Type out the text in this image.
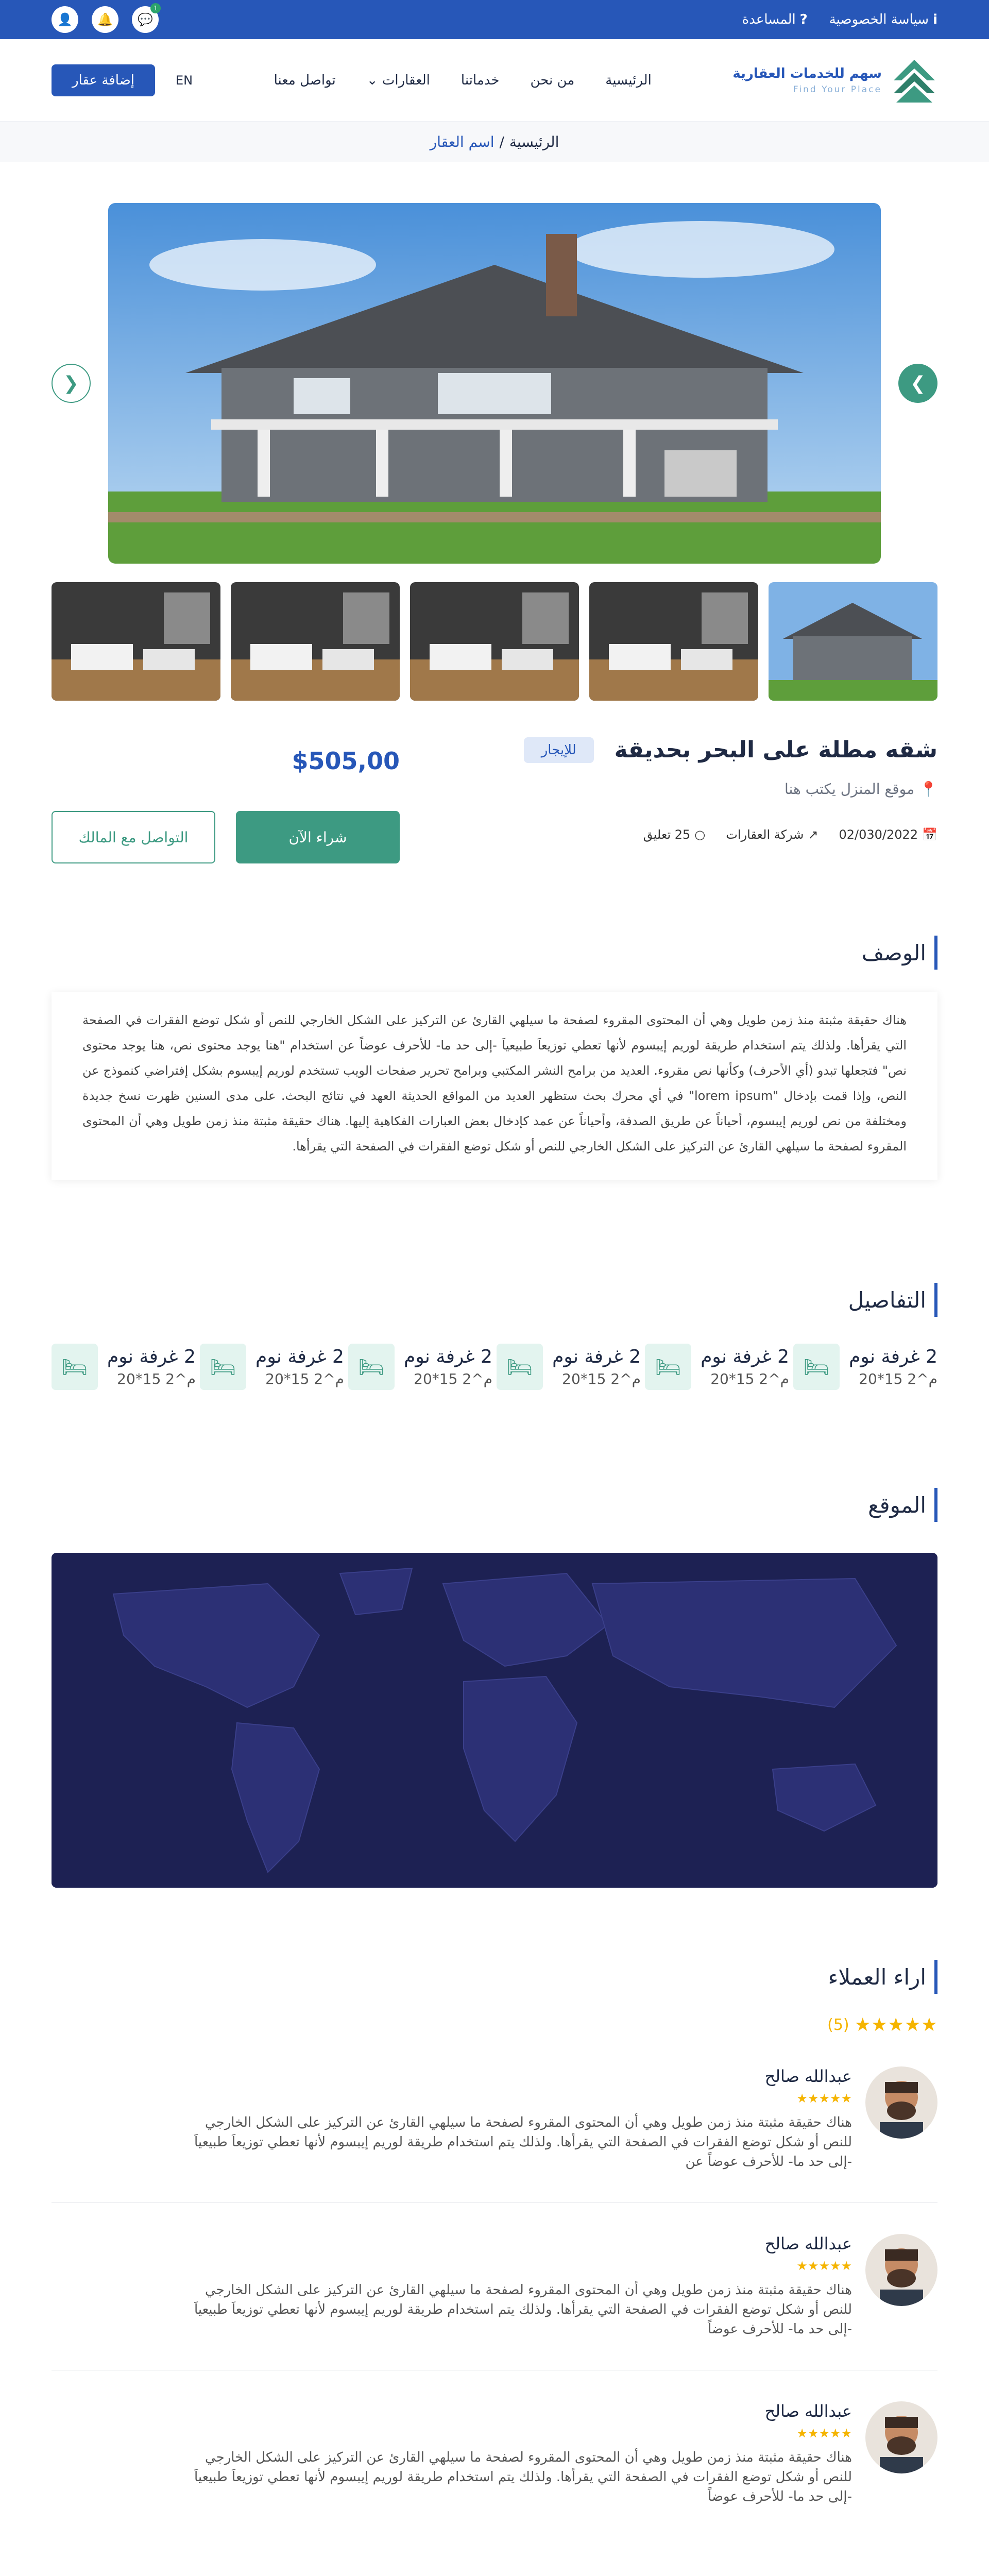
i
سياسة الخصوصية
?
المساعدة
💬
1
🔔
👤
سهم للخدمات العقارية
Find Your Place
الرئيسية
من نحن
خدماتنا
العقارات ⌄
تواصل معنا
EN
إضافة عقار
الرئيسية
/
اسم العقار
❯
❮
شقه مطلة على البحر بحديقة
للإيجار
📍
موقع المنزل يكتب هنا
📅
02/030/2022
↗
شركة العقارات
○
25 تعليق
$505,00
شراء الآن
التواصل مع المالك
الوصف
هناك حقيقة مثبتة منذ زمن طويل وهي أن المحتوى المقروء لصفحة ما سيلهي القارئ عن التركيز على الشكل الخارجي للنص أو شكل توضع الفقرات في الصفحة التي يقرأها. ولذلك يتم استخدام طريقة لوريم إيبسوم لأنها تعطي توزيعاَ طبيعياَ -إلى حد ما- للأحرف عوضاً عن استخدام "هنا يوجد محتوى نص، هنا يوجد محتوى نص" فتجعلها تبدو (أي الأحرف) وكأنها نص مقروء. العديد من برامح النشر المكتبي وبرامح تحرير صفحات الويب تستخدم لوريم إيبسوم بشكل إفتراضي كنموذج عن النص، وإذا قمت بإدخال "lorem ipsum" في أي محرك بحث ستظهر العديد من المواقع الحديثة العهد في نتائج البحث. على مدى السنين ظهرت نسخ جديدة ومختلفة من نص لوريم إيبسوم، أحياناً عن طريق الصدفة، وأحياناً عن عمد كإدخال بعض العبارات الفكاهية إليها. هناك حقيقة مثبتة منذ زمن طويل وهي أن المحتوى المقروء لصفحة ما سيلهي القارئ عن التركيز على الشكل الخارجي للنص أو شكل توضع الفقرات في الصفحة التي يقرأها.
التفاصيل
2 غرفة نوم
20*15 م^2
🛏
2 غرفة نوم
20*15 م^2
🛏
2 غرفة نوم
20*15 م^2
🛏
2 غرفة نوم
20*15 م^2
🛏
2 غرفة نوم
20*15 م^2
🛏
2 غرفة نوم
20*15 م^2
🛏
الموقع
اراء العملاء
★★★★★
(5)
عبدالله صالح
★★★★★
هناك حقيقة مثبتة منذ زمن طويل وهي أن المحتوى المقروء لصفحة ما سيلهي القارئ عن التركيز على الشكل الخارجي للنص أو شكل توضع الفقرات في الصفحة التي يقرأها. ولذلك يتم استخدام طريقة لوريم إيبسوم لأنها تعطي توزيعاَ طبيعياَ -إلى حد ما- للأحرف عوضاً عن
عبدالله صالح
★★★★★
هناك حقيقة مثبتة منذ زمن طويل وهي أن المحتوى المقروء لصفحة ما سيلهي القارئ عن التركيز على الشكل الخارجي للنص أو شكل توضع الفقرات في الصفحة التي يقرأها. ولذلك يتم استخدام طريقة لوريم إيبسوم لأنها تعطي توزيعاَ طبيعياَ -إلى حد ما- للأحرف عوضاً
عبدالله صالح
★★★★★
هناك حقيقة مثبتة منذ زمن طويل وهي أن المحتوى المقروء لصفحة ما سيلهي القارئ عن التركيز على الشكل الخارجي للنص أو شكل توضع الفقرات في الصفحة التي يقرأها. ولذلك يتم استخدام طريقة لوريم إيبسوم لأنها تعطي توزيعاَ طبيعياَ -إلى حد ما- للأحرف عوضاً
